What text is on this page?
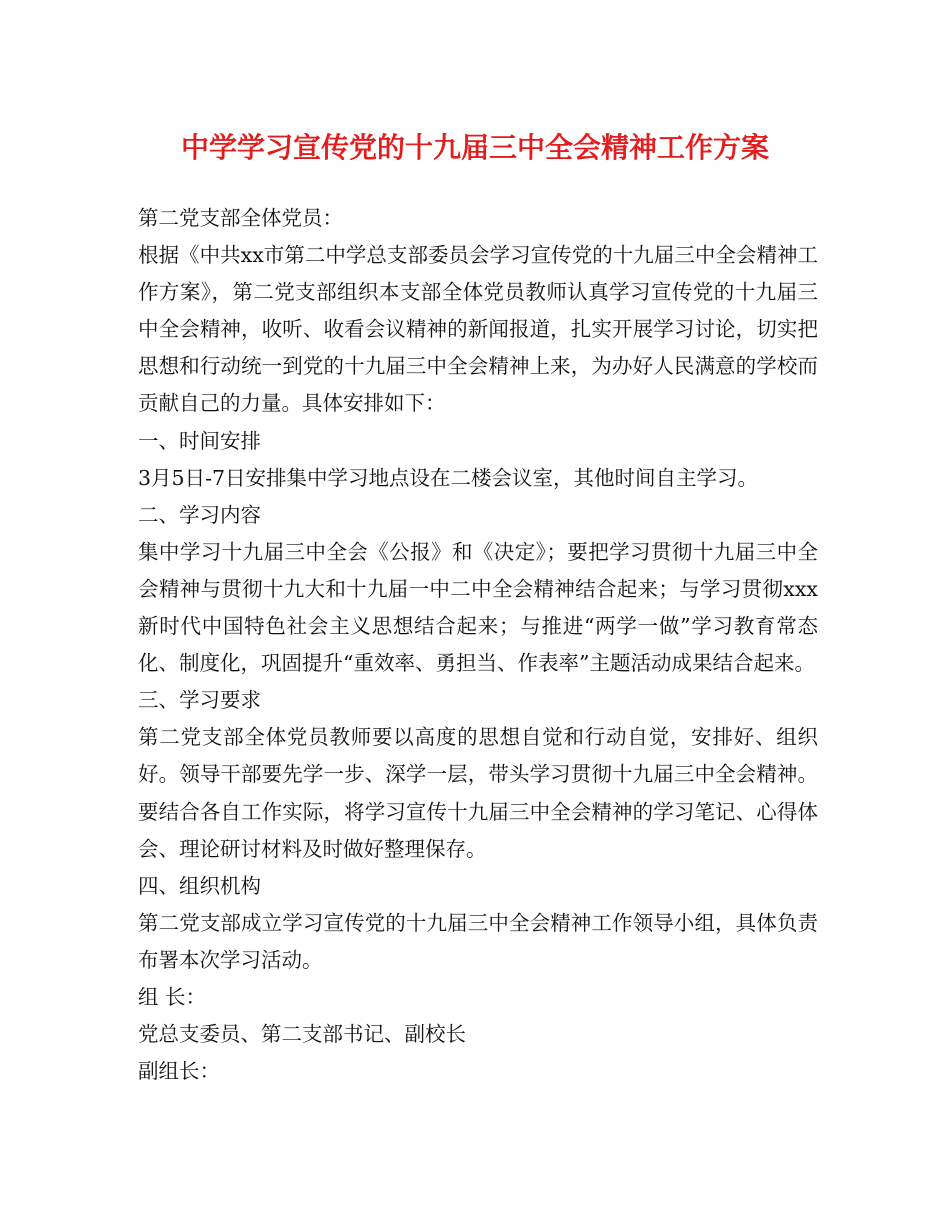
中学学习宣传党的十九届三中全会精神工作方案

第二党支部全体党员：

根据《中共xx市第二中学总支部委员会学习宣传党的十九届三中全会精神工作方案》，第二党支部组织本支部全体党员教师认真学习宣传党的十九届三中全会精神，收听、收看会议精神的新闻报道，扎实开展学习讨论，切实把思想和行动统一到党的十九届三中全会精神上来，为办好人民满意的学校而贡献自己的力量。具体安排如下：

一、时间安排

3月5日-7日安排集中学习地点设在二楼会议室，其他时间自主学习。

二、学习内容

集中学习十九届三中全会《公报》和《决定》；要把学习贯彻十九届三中全会精神与贯彻十九大和十九届一中二中全会精神结合起来；与学习贯彻xxx新时代中国特色社会主义思想结合起来；与推进“两学一做”学习教育常态化、制度化，巩固提升“重效率、勇担当、作表率”主题活动成果结合起来。

三、学习要求

第二党支部全体党员教师要以高度的思想自觉和行动自觉，安排好、组织好。领导干部要先学一步、深学一层，带头学习贯彻十九届三中全会精神。要结合各自工作实际，将学习宣传十九届三中全会精神的学习笔记、心得体会、理论研讨材料及时做好整理保存。

四、组织机构

第二党支部成立学习宣传党的十九届三中全会精神工作领导小组，具体负责布署本次学习活动。

组 长：

党总支委员、第二支部书记、副校长

副组长：
